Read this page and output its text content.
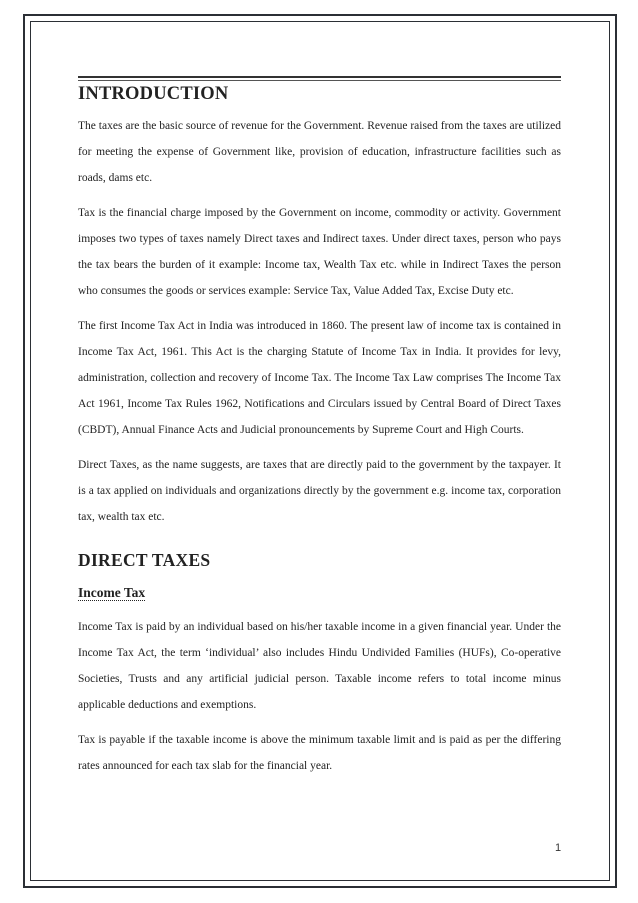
INTRODUCTION

The taxes are the basic source of revenue for the Government. Revenue raised from the taxes are utilized for meeting the expense of Government like, provision of education, infrastructure facilities such as roads, dams etc.

Tax is the financial charge imposed by the Government on income, commodity or activity. Government imposes two types of taxes namely Direct taxes and Indirect taxes. Under direct taxes, person who pays the tax bears the burden of it example: Income tax, Wealth Tax etc. while in Indirect Taxes the person who consumes the goods or services example: Service Tax, Value Added Tax, Excise Duty etc.

The first Income Tax Act in India was introduced in 1860. The present law of income tax is contained in Income Tax Act, 1961. This Act is the charging Statute of Income Tax in India. It provides for levy, administration, collection and recovery of Income Tax. The Income Tax Law comprises The Income Tax Act 1961, Income Tax Rules 1962, Notifications and Circulars issued by Central Board of Direct Taxes (CBDT), Annual Finance Acts and Judicial pronouncements by Supreme Court and High Courts.

Direct Taxes, as the name suggests, are taxes that are directly paid to the government by the taxpayer. It is a tax applied on individuals and organizations directly by the government e.g. income tax, corporation tax, wealth tax etc.

DIRECT TAXES
Income Tax

Income Tax is paid by an individual based on his/her taxable income in a given financial year. Under the Income Tax Act, the term ‘individual’ also includes Hindu Undivided Families (HUFs), Co-operative Societies, Trusts and any artificial judicial person. Taxable income refers to total income minus applicable deductions and exemptions.

Tax is payable if the taxable income is above the minimum taxable limit and is paid as per the differing rates announced for each tax slab for the financial year.

1
